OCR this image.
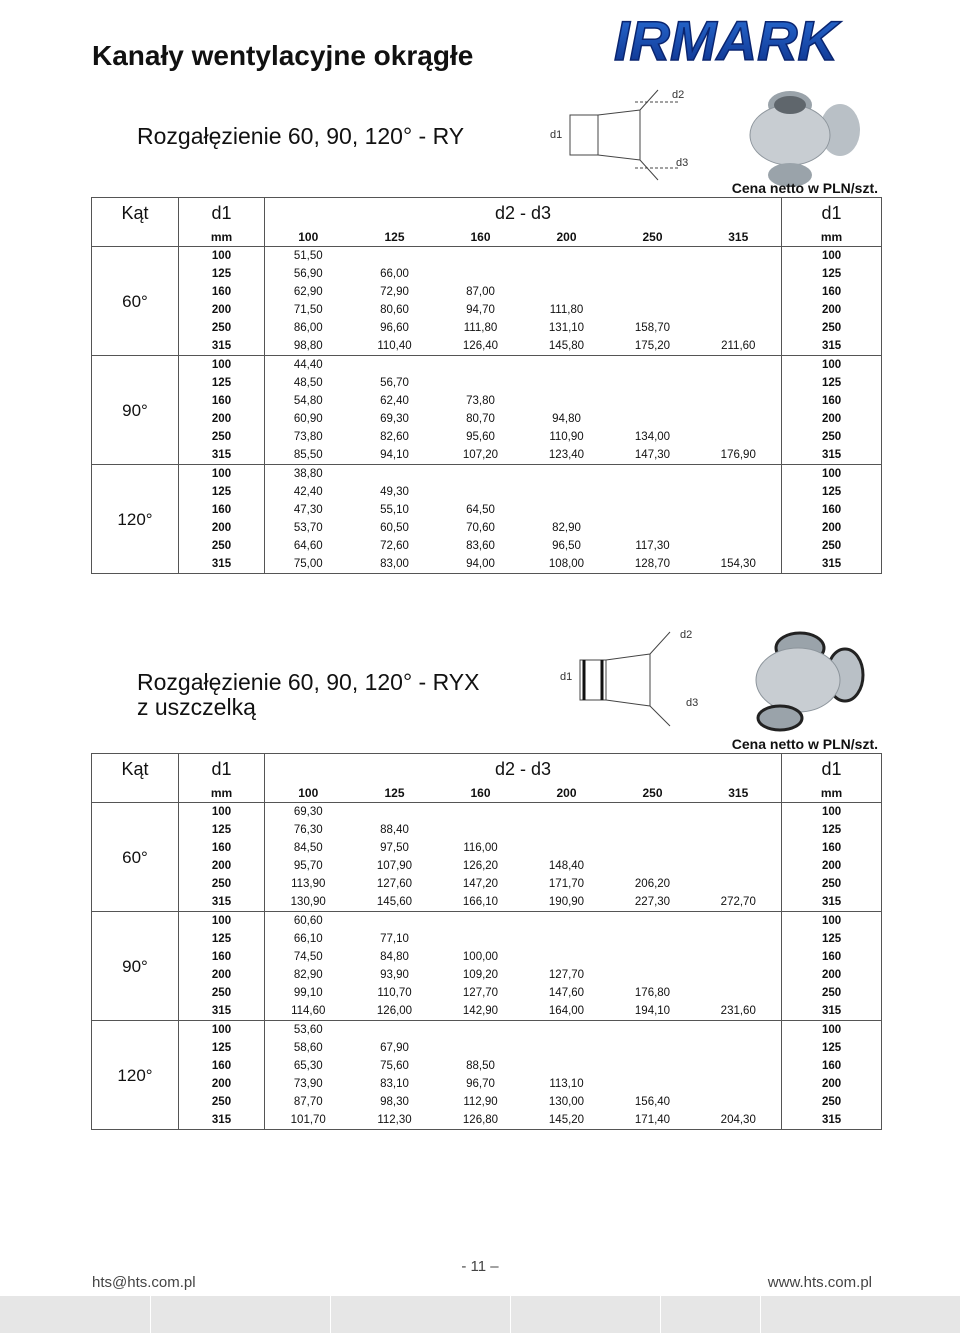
Kanały wentylacyjne okrągłe	IRMARK
Rozgałęzienie 60, 90, 120° - RY	d1
d2
d3
Cena netto w PLN/szt.
Kąt	d1	d2 - d3						d1
	mm	100	125	160	200	250	315	mm
60°	100	51,50						100
	125	56,90	66,00					125
	160	62,90	72,90	87,00				160
	200	71,50	80,60	94,70	111,80			200
	250	86,00	96,60	111,80	131,10	158,70		250
	315	98,80	110,40	126,40	145,80	175,20	211,60	315
90°	100	44,40						100
	125	48,50	56,70					125
	160	54,80	62,40	73,80				160
	200	60,90	69,30	80,70	94,80			200
	250	73,80	82,60	95,60	110,90	134,00		250
	315	85,50	94,10	107,20	123,40	147,30	176,90	315
120°	100	38,80						100
	125	42,40	49,30					125
	160	47,30	55,10	64,50				160
	200	53,70	60,50	70,60	82,90			200
	250	64,60	72,60	83,60	96,50	117,30		250
	315	75,00	83,00	94,00	108,00	128,70	154,30	315
Rozgałęzienie 60, 90, 120° - RYX
z uszczelką
d1
d2
d3
Cena netto w PLN/szt.
Kąt	d1	d2 - d3						d1
	mm	100	125	160	200	250	315	mm
60°	100	69,30						100
	125	76,30	88,40					125
	160	84,50	97,50	116,00				160
	200	95,70	107,90	126,20	148,40			200
	250	113,90	127,60	147,20	171,70	206,20		250
	315	130,90	145,60	166,10	190,90	227,30	272,70	315
90°	100	60,60						100
	125	66,10	77,10					125
	160	74,50	84,80	100,00				160
	200	82,90	93,90	109,20	127,70			200
	250	99,10	110,70	127,70	147,60	176,80		250
	315	114,60	126,00	142,90	164,00	194,10	231,60	315
120°	100	53,60						100
	125	58,60	67,90					125
	160	65,30	75,60	88,50				160
	200	73,90	83,10	96,70	113,10			200
	250	87,70	98,30	112,90	130,00	156,40		250
	315	101,70	112,30	126,80	145,20	171,40	204,30	315
- 11 –
hts@hts.com.pl	www.hts.com.pl
